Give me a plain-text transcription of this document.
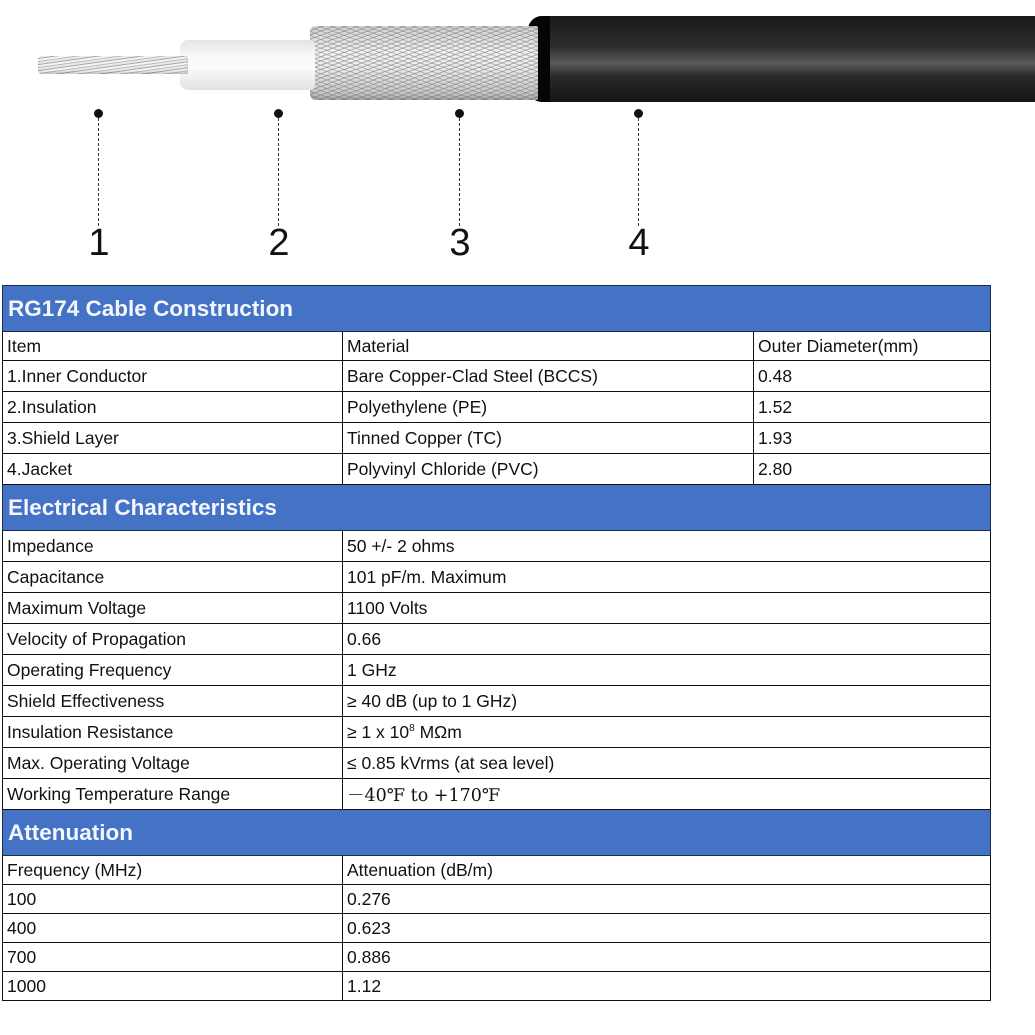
1	2	3	4
RG174 Cable Construction		
Item	Material	Outer Diameter(mm)
1.Inner Conductor	Bare Copper-Clad Steel (BCCS)	0.48
2.Insulation	Polyethylene (PE)	1.52
3.Shield Layer	Tinned Copper (TC)	1.93
4.Jacket	Polyvinyl Chloride (PVC)	2.80
Electrical Characteristics		
Impedance	50 +/- 2 ohms	
Capacitance	101 pF/m. Maximum	
Maximum Voltage	1100 Volts	
Velocity of Propagation	0.66	
Operating Frequency	1 GHz	
Shield Effectiveness	≥ 40 dB (up to 1 GHz)	
Insulation Resistance	≥ 1 x $10^8$ MΩm	
Max. Operating Voltage	≤ 0.85 kVrms (at sea level)	
Working Temperature Range	－40℉ to +170℉	
Attenuation		
Frequency (MHz)	Attenuation (dB/m)	
100	0.276	
400	0.623	
700	0.886	
1000	1.12	
